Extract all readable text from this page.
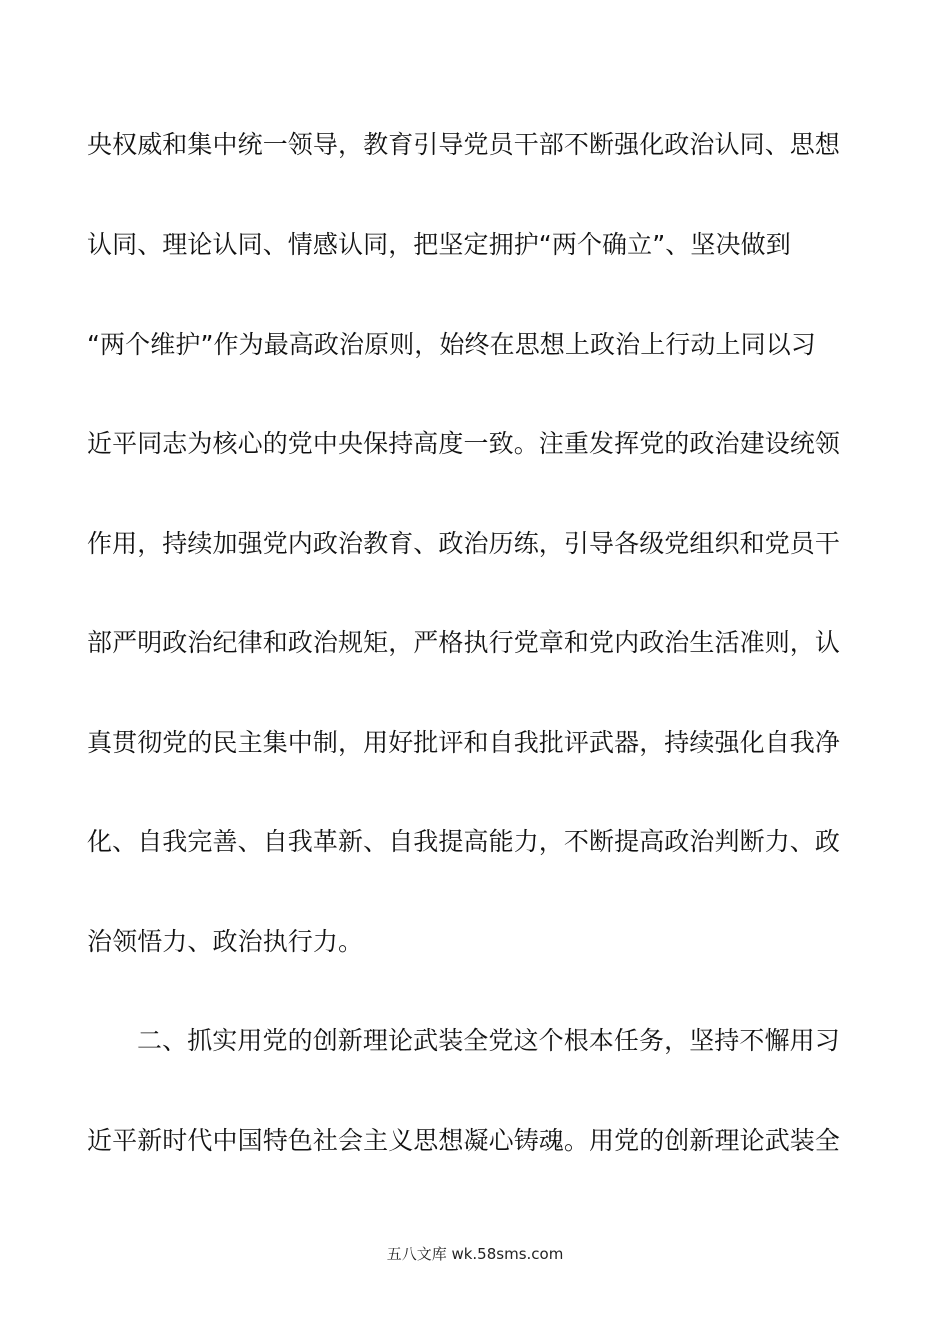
央权威和集中统一领导，教育引导党员干部不断强化政治认同、思想
认同、理论认同、情感认同，把坚定拥护“两个确立”、坚决做到
“两个维护”作为最高政治原则，始终在思想上政治上行动上同以习
近平同志为核心的党中央保持高度一致。注重发挥党的政治建设统领
作用，持续加强党内政治教育、政治历练，引导各级党组织和党员干
部严明政治纪律和政治规矩，严格执行党章和党内政治生活准则，认
真贯彻党的民主集中制，用好批评和自我批评武器，持续强化自我净
化、自我完善、自我革新、自我提高能力，不断提高政治判断力、政
治领悟力、政治执行力。
二、抓实用党的创新理论武装全党这个根本任务，坚持不懈用习
近平新时代中国特色社会主义思想凝心铸魂。用党的创新理论武装全
五八文库 wk.58sms.com
